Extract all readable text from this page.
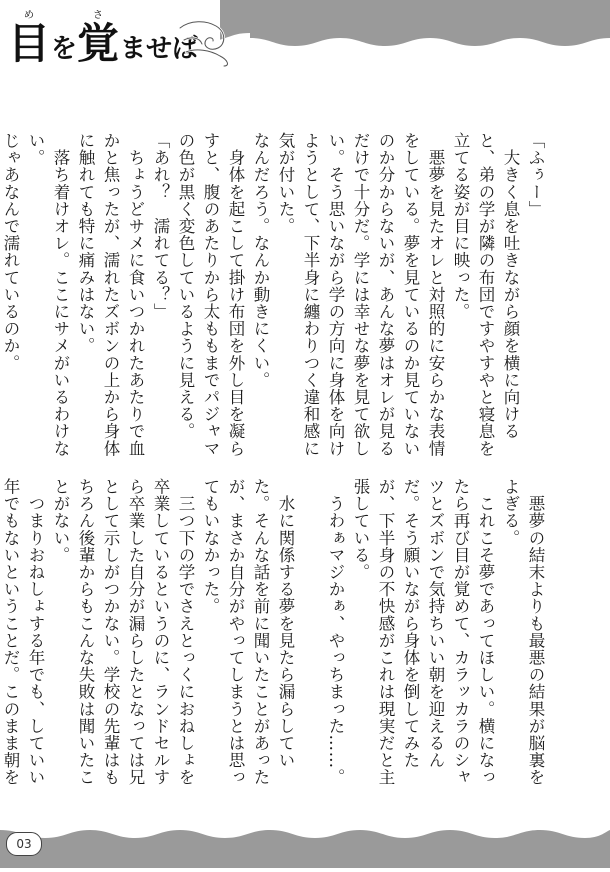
目
め
を 覚
さ
ませば

「ふぅー」

　大きく息を吐きながら顔を横に向けると、弟の学が隣の布団ですやすやと寝息を立てる姿が目に映った。

　悪夢を見たオレと対照的に安らかな表情をしている。夢を見ているのか見ていないのか分からないが、あんな夢はオレが見るだけで十分だ。学には幸せな夢を見て欲しい。そう思いながら学の方向に身体を向けようとして、下半身に纏わりつく違和感に気が付いた。

なんだろう。なんか動きにくい。

　身体を起こして掛け布団を外し目を凝らすと、腹のあたりから太ももまでパジャマの色が黒く変色しているように見える。

「あれ？　濡れてる？」

　ちょうどサメに食いつかれたあたりで血かと焦ったが、濡れたズボンの上から身体に触れても特に痛みはない。

　落ち着けオレ。ここにサメがいるわけない。

じゃあなんで濡れているのか。

　悪夢の結末よりも最悪の結果が脳裏をよぎる。

　これこそ夢であってほしい。横になったら再び目が覚めて、カラッカラのシャツとズボンで気持ちいい朝を迎えるんだ。そう願いながら身体を倒してみたが、下半身の不快感がこれは現実だと主張している。

　うわぁマジかぁ、やっちまった……。

　水に関係する夢を見たら漏らしていた。そんな話を前に聞いたことがあったが、まさか自分がやってしまうとは思ってもいなかった。

　三つ下の学でさえとっくにおねしょを卒業しているというのに、ランドセルすら卒業した自分が漏らしたとなっては兄として示しがつかない。学校の先輩はもちろん後輩からもこんな失敗は聞いたことがない。

　つまりおねしょする年でも、していい年でもないということだ。このまま朝を

03
